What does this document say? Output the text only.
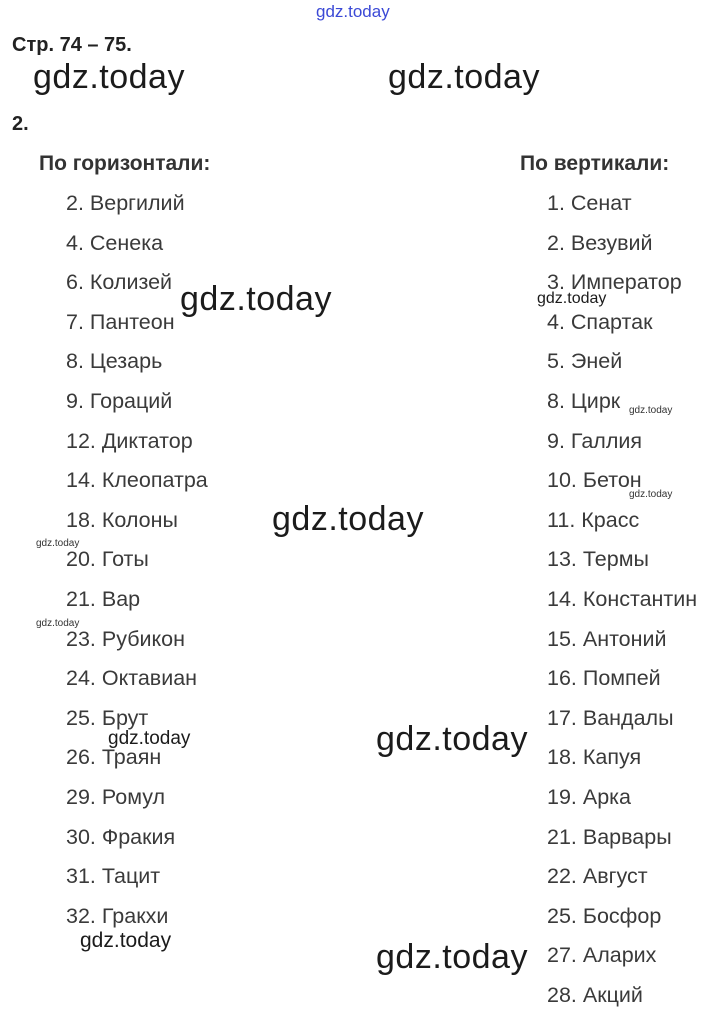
gdz.today
Стр. 74 – 75.
gdz.today	gdz.today
2.
По горизонтали:	По вертикали:
2. Вергилий
4. Сенека
6. Колизей
7. Пантеон
8. Цезарь
9. Гораций
12. Диктатор
14. Клеопатра
18. Колоны
20. Готы
21. Вар
23. Рубикон
24. Октавиан
25. Брут
26. Траян
29. Ромул
30. Фракия
31. Тацит
32. Гракхи
1. Сенат
2. Везувий
3. Император
4. Спартак
5. Эней
8. Цирк
9. Галлия
10. Бетон
11. Красс
13. Термы
14. Константин
15. Антоний
16. Помпей
17. Вандалы
18. Капуя
19. Арка
21. Варвары
22. Август
25. Босфор
27. Аларих
28. Акций
gdz.today	gdz.today
gdz.today
gdz.today
gdz.today
gdz.today
gdz.today
gdz.today	gdz.today
gdz.today	gdz.today
